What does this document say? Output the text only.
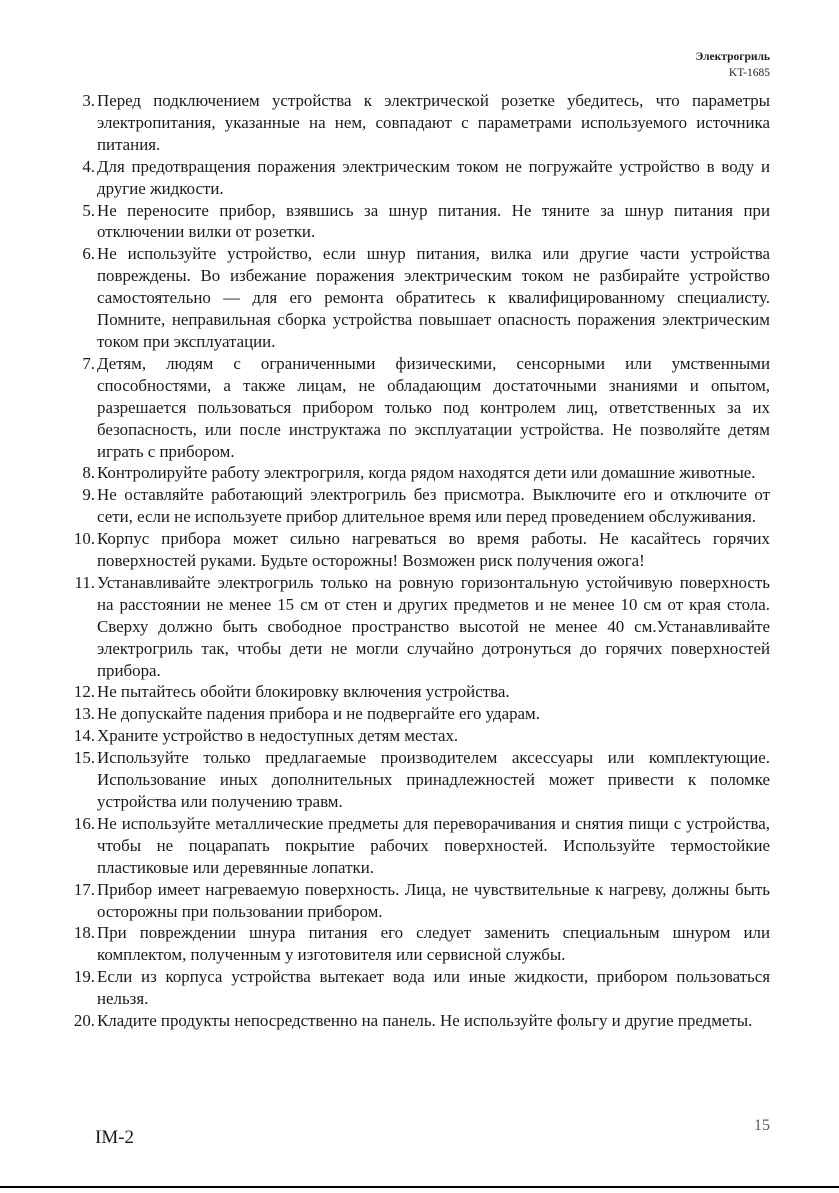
Электрогриль
KT-1685
3. Перед подключением устройства к электрической розетке убедитесь, что параметры электропитания, указанные на нем, совпадают с параметрами используемого источника питания.
4. Для предотвращения поражения электрическим током не погружайте устройство в воду и другие жидкости.
5. Не переносите прибор, взявшись за шнур питания. Не тяните за шнур питания при отключении вилки от розетки.
6. Не используйте устройство, если шнур питания, вилка или другие части устройства повреждены. Во избежание поражения электрическим током не разбирайте устройство самостоятельно — для его ремонта обратитесь к квалифицированному специалисту. Помните, неправильная сборка устройства повышает опасность поражения электрическим током при эксплуатации.
7. Детям, людям с ограниченными физическими, сенсорными или умственными способностями, а также лицам, не обладающим достаточными знаниями и опытом, разрешается пользоваться прибором только под контролем лиц, ответственных за их безопасность, или после инструктажа по эксплуатации устройства. Не позволяйте детям играть с прибором.
8. Контролируйте работу электрогриля, когда рядом находятся дети или домашние животные.
9. Не оставляйте работающий электрогриль без присмотра. Выключите его и отключите от сети, если не используете прибор длительное время или перед проведением обслуживания.
10. Корпус прибора может сильно нагреваться во время работы. Не касайтесь горячих поверхностей руками. Будьте осторожны! Возможен риск получения ожога!
11. Устанавливайте электрогриль только на ровную горизонтальную устойчивую поверхность на расстоянии не менее 15 см от стен и других предметов и не менее 10 см от края стола. Сверху должно быть свободное пространство высотой не менее 40 см.Устанавливайте электрогриль так, чтобы дети не могли случайно дотронуться до горячих поверхностей прибора.
12. Не пытайтесь обойти блокировку включения устройства.
13. Не допускайте падения прибора и не подвергайте его ударам.
14. Храните устройство в недоступных детям местах.
15. Используйте только предлагаемые производителем аксессуары или комплектующие. Использование иных дополнительных принадлежностей может привести к поломке устройства или получению травм.
16. Не используйте металлические предметы для переворачивания и снятия пищи с устройства, чтобы не поцарапать покрытие рабочих поверхностей. Используйте термостойкие пластиковые или деревянные лопатки.
17. Прибор имеет нагреваемую поверхность. Лица, не чувствительные к нагреву, должны быть осторожны при пользовании прибором.
18. При повреждении шнура питания его следует заменить специальным шнуром или комплектом, полученным у изготовителя или сервисной службы.
19. Если из корпуса устройства вытекает вода или иные жидкости, прибором пользоваться нельзя.
20. Кладите продукты непосредственно на панель. Не используйте фольгу и другие предметы.
IM-2
15
